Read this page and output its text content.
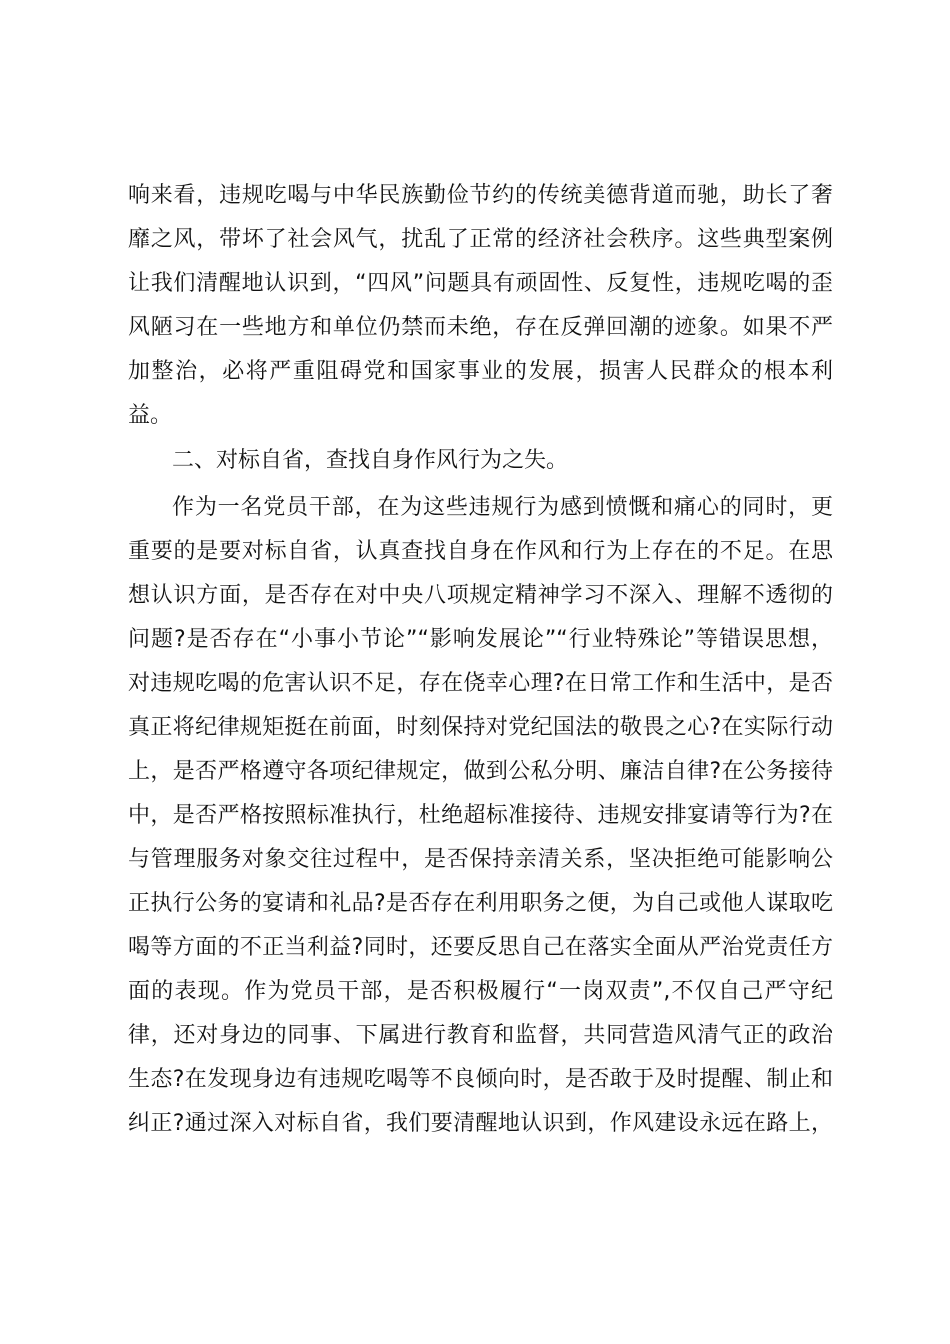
响来看，违规吃喝与中华民族勤俭节约的传统美德背道而驰，助长了奢
靡之风，带坏了社会风气，扰乱了正常的经济社会秩序。这些典型案例
让我们清醒地认识到，“四风”问题具有顽固性、反复性，违规吃喝的歪
风陋习在一些地方和单位仍禁而未绝，存在反弹回潮的迹象。如果不严
加整治，必将严重阻碍党和国家事业的发展，损害人民群众的根本利
益。
二、对标自省，查找自身作风行为之失。
作为一名党员干部，在为这些违规行为感到愤慨和痛心的同时，更
重要的是要对标自省，认真查找自身在作风和行为上存在的不足。在思
想认识方面，是否存在对中央八项规定精神学习不深入、理解不透彻的
问题?是否存在“小事小节论”“影响发展论”“行业特殊论”等错误思想，
对违规吃喝的危害认识不足，存在侥幸心理?在日常工作和生活中，是否
真正将纪律规矩挺在前面，时刻保持对党纪国法的敬畏之心?在实际行动
上，是否严格遵守各项纪律规定，做到公私分明、廉洁自律?在公务接待
中，是否严格按照标准执行，杜绝超标准接待、违规安排宴请等行为?在
与管理服务对象交往过程中，是否保持亲清关系，坚决拒绝可能影响公
正执行公务的宴请和礼品?是否存在利用职务之便，为自己或他人谋取吃
喝等方面的不正当利益?同时，还要反思自己在落实全面从严治党责任方
面的表现。作为党员干部，是否积极履行“一岗双责”,不仅自己严守纪
律，还对身边的同事、下属进行教育和监督，共同营造风清气正的政治
生态?在发现身边有违规吃喝等不良倾向时，是否敢于及时提醒、制止和
纠正?通过深入对标自省，我们要清醒地认识到，作风建设永远在路上，
